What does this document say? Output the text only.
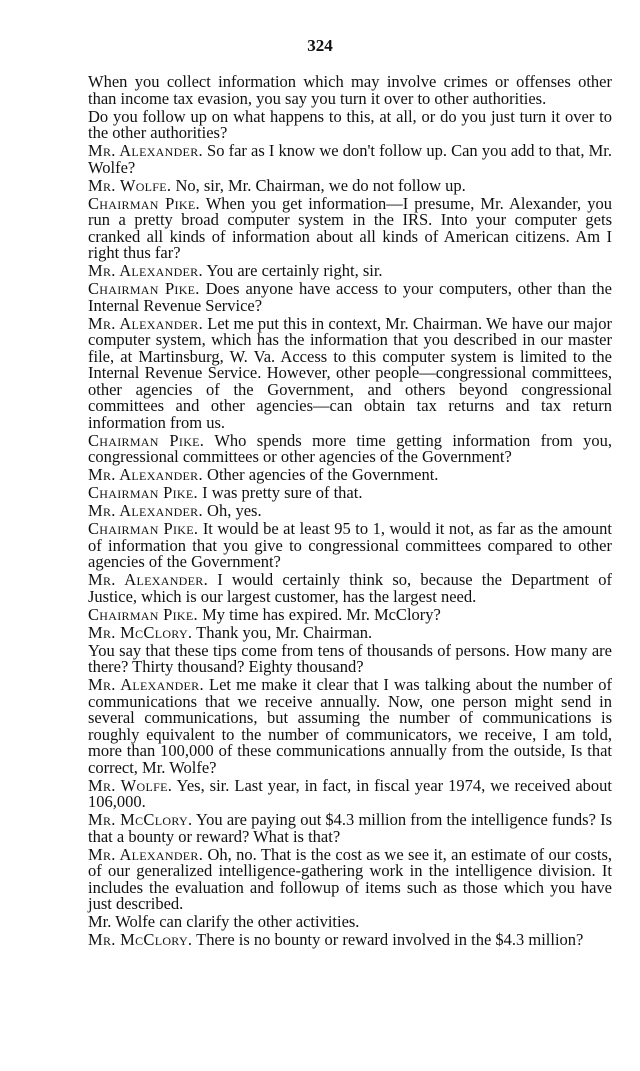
324

When you collect information which may involve crimes or offenses other than income tax evasion, you say you turn it over to other authorities.

Do you follow up on what happens to this, at all, or do you just turn it over to the other authorities?

Mr. Alexander. So far as I know we don't follow up. Can you add to that, Mr. Wolfe?

Mr. Wolfe. No, sir, Mr. Chairman, we do not follow up.

Chairman Pike. When you get information—I presume, Mr. Alexander, you run a pretty broad computer system in the IRS. Into your computer gets cranked all kinds of information about all kinds of American citizens. Am I right thus far?

Mr. Alexander. You are certainly right, sir.

Chairman Pike. Does anyone have access to your computers, other than the Internal Revenue Service?

Mr. Alexander. Let me put this in context, Mr. Chairman. We have our major computer system, which has the information that you described in our master file, at Martinsburg, W. Va. Access to this computer system is limited to the Internal Revenue Service. However, other people—congressional committees, other agencies of the Government, and others beyond congressional committees and other agencies—can obtain tax returns and tax return information from us.

Chairman Pike. Who spends more time getting information from you, congressional committees or other agencies of the Government?

Mr. Alexander. Other agencies of the Government.

Chairman Pike. I was pretty sure of that.

Mr. Alexander. Oh, yes.

Chairman Pike. It would be at least 95 to 1, would it not, as far as the amount of information that you give to congressional committees compared to other agencies of the Government?

Mr. Alexander. I would certainly think so, because the Department of Justice, which is our largest customer, has the largest need.

Chairman Pike. My time has expired. Mr. McClory?

Mr. McClory. Thank you, Mr. Chairman.

You say that these tips come from tens of thousands of persons. How many are there? Thirty thousand? Eighty thousand?

Mr. Alexander. Let me make it clear that I was talking about the number of communications that we receive annually. Now, one person might send in several communications, but assuming the number of communications is roughly equivalent to the number of communicators, we receive, I am told, more than 100,000 of these communications annually from the outside, Is that correct, Mr. Wolfe?

Mr. Wolfe. Yes, sir. Last year, in fact, in fiscal year 1974, we received about 106,000.

Mr. McClory. You are paying out $4.3 million from the intelligence funds? Is that a bounty or reward? What is that?

Mr. Alexander. Oh, no. That is the cost as we see it, an estimate of our costs, of our generalized intelligence-gathering work in the intelligence division. It includes the evaluation and followup of items such as those which you have just described.

Mr. Wolfe can clarify the other activities.

Mr. McClory. There is no bounty or reward involved in the $4.3 million?
